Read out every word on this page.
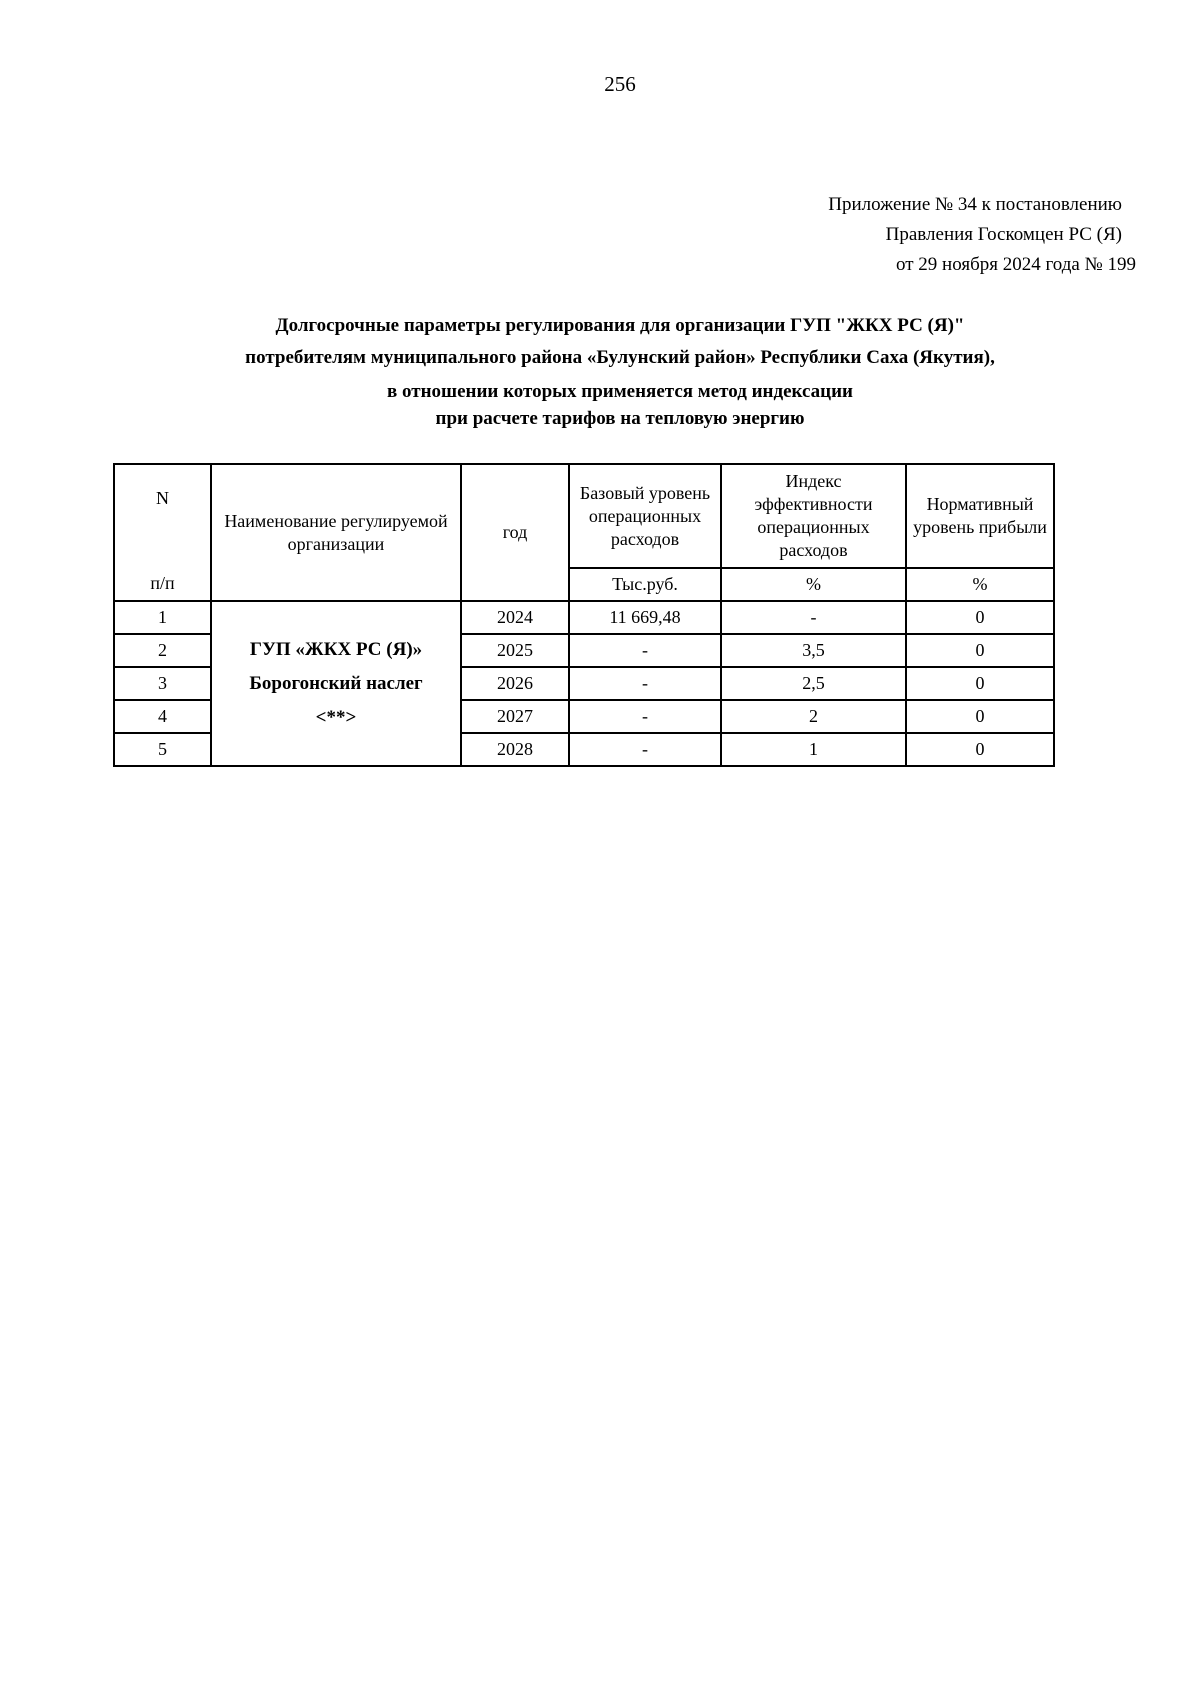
256
Приложение № 34 к постановлению
Правления Госкомцен РС (Я)
от 29 ноября 2024 года № 199
Долгосрочные параметры регулирования для организации ГУП "ЖКХ РС (Я)"
потребителям муниципального района «Булунский район» Республики Саха (Якутия),
в отношении которых применяется метод индексации
при расчете тарифов на тепловую энергию
N
п/п	Наименование регулируемой организации	год	Базовый уровень операционных расходов	Индекс эффективности операционных расходов	Нормативный уровень прибыли
			Тыс.руб.	%	%
1	ГУП «ЖКХ РС (Я)»
Борогонский наслег
<**>	2024	11 669,48	-	0
2		2025	-	3,5	0
3		2026	-	2,5	0
4		2027	-	2	0
5		2028	-	1	0
